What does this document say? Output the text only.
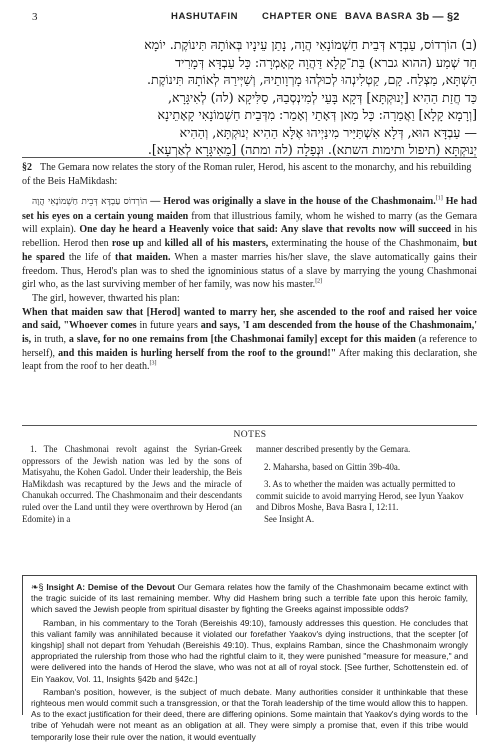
3	HASHUTAFIN	CHAPTER ONE BAVA BASRA 3b — §2
(ב) הוֹרְדוֹס, עַבְדָא דְּבֵית חַשְׁמוֹנָאִי הֲוָה, נָתַן עֵינָיו בְּאוֹתָהּ תִּינוֹקֶת. יוֹמָא
חַד שְׁמַע (ההוא גברא) בַּת־קָלָא דַּהֲוָה קָאָמְרָה: כָּל עַבְדָּא דְּמָרִיד
הַשְׁתָּא, מַצְלַח. קָם, קַטְלִינְהוּ לְכוּלְהוּ מָרְוָותֵיהּ, וְשַׁיְּירַהּ לְאוֹתָהּ תִּינוֹקֶת.
כַּד חֲזַת הַהִיא [יְנוּקְתָּא] דְּקָא בָּעֵי לְמִינְסְבַהּ, סַלִּיקָא (לה) לְאִיגָּרָא,
[וְרָמָא קָלָא] וַאֲמַרָה: כָּל מַאן דְּאָתֵי וְאָמַר: מִדְּבֵית חַשְׁמוֹנָאִי קָאָתֵינָא
— עַבְדָּא הוּא, דְּלָא אִשְׁתַּיַּיר מִינַּיְיהוּ אֶלָּא הַהִיא יְנוּקְתָּא, וְהַהִיא
יְנוּקְתָּא (תיפול ותימות השתא). וּנְפַלָה (לה ומתה) [מֵאִיגָּרָא לְאַרְעָא].
§2 The Gemara now relates the story of the Roman ruler, Herod, his ascent to the monarchy, and his rebuilding of the Beis HaMikdash:

הוֹרְדוֹס עַבְדָּא דְּבֵית חַשְׁמוֹנָאִי הֲוָה — Herod was originally a slave in the house of the Chashmonaim.[1] He had set his eyes on a certain young maiden from that illustrious family, whom he wished to marry (as the Gemara will explain). One day he heard a Heavenly voice that said: Any slave that revolts now will succeed in his rebellion. Herod then rose up and killed all of his masters, exterminating the house of the Chashmonaim, but he spared the life of that maiden. When a master marries his/her slave, the slave automatically gains their freedom. Thus, Herod's plan was to shed the ignominious status of a slave by marrying the young Chashmonai girl who, as the last surviving member of her family, was now his master.[2]

The girl, however, thwarted his plan:

When that maiden saw that [Herod] wanted to marry her, she ascended to the roof and raised her voice and said, "Whoever comes in future years and says, 'I am descended from the house of the Chashmonaim,' is, in truth, a slave, for no one remains from [the Chashmonai family] except for this maiden (a reference to herself), and this maiden is hurling herself from the roof to the ground!" After making this declaration, she leapt from the roof to her death.[3]

NOTES

1. The Chashmonai revolt against the Syrian-Greek oppressors of the Jewish nation was led by the sons of Matisyahu, the Kohen Gadol. Under their leadership, the Beis HaMikdash was recaptured by the Jews and the miracle of Chanukah occurred. The Chashmonaim and their descendants ruled over the Land until they were overthrown by Herod (an Edomite) in a

manner described presently by the Gemara.

2. Maharsha, based on Gittin 39b-40a.

3. As to whether the maiden was actually permitted to commit suicide to avoid marrying Herod, see Iyun Yaakov and Dibros Moshe, Bava Basra I, 12:11.

See Insight A.

❧§ Insight A: Demise of the Devout Our Gemara relates how the family of the Chashmonaim became extinct with the tragic suicide of its last remaining member. Why did Hashem bring such a terrible fate upon this heroic family, which saved the Jewish people from spiritual disaster by fighting the Greeks against impossible odds?

Ramban, in his commentary to the Torah (Bereishis 49:10), famously addresses this question. He concludes that this valiant family was annihilated because it violated our forefather Yaakov's dying instructions, that the scepter [of kingship] shall not depart from Yehudah (Bereishis 49:10). Thus, explains Ramban, since the Chashmonaim wrongly appropriated the rulership from those who had the rightful claim to it, they were punished "measure for measure," and were delivered into the hands of Herod the slave, who was not at all of royal stock. [See further, Schottenstein ed. of Ein Yaakov, Vol. 11, Insights §42b and §42c.]

Ramban's position, however, is the subject of much debate. Many authorities consider it unthinkable that these righteous men would commit such a transgression, or that the Torah leadership of the time would allow this to happen. As to the exact justification for their deed, there are differing opinions. Some maintain that Yaakov's dying words to the tribe of Yehudah were not meant as an obligation at all. They were simply a promise that, even if this tribe would temporarily lose their rule over the nation, it would eventually
